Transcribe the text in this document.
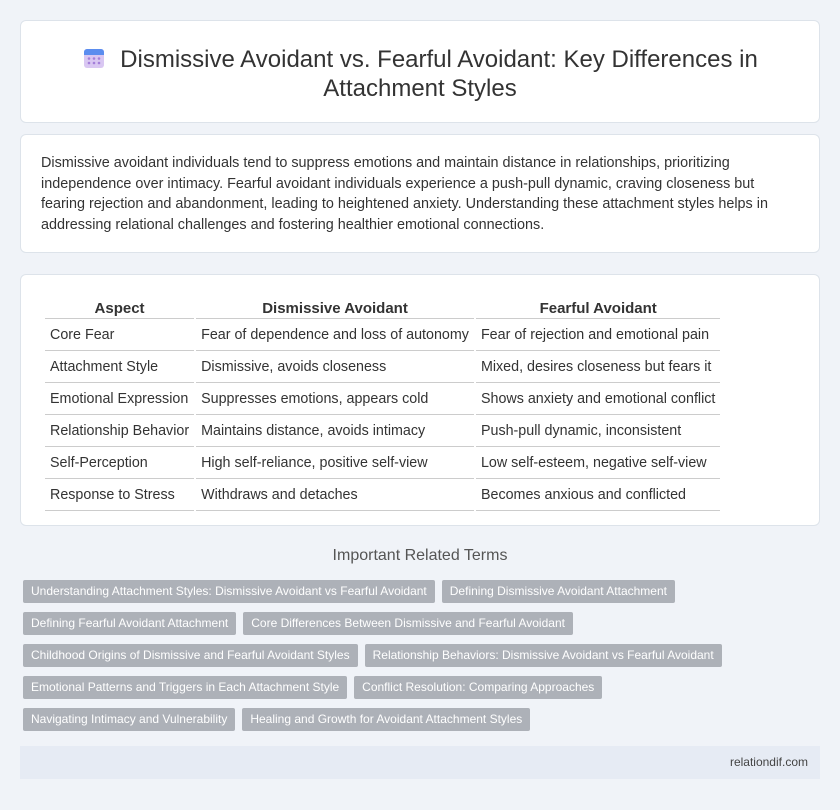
Dismissive Avoidant vs. Fearful Avoidant: Key Differences in Attachment Styles

Dismissive avoidant individuals tend to suppress emotions and maintain distance in relationships, prioritizing independence over intimacy. Fearful avoidant individuals experience a push-pull dynamic, craving closeness but fearing rejection and abandonment, leading to heightened anxiety. Understanding these attachment styles helps in addressing relational challenges and fostering healthier emotional connections.

Aspect	Dismissive Avoidant	Fearful Avoidant
Core Fear	Fear of dependence and loss of autonomy	Fear of rejection and emotional pain
Attachment Style	Dismissive, avoids closeness	Mixed, desires closeness but fears it
Emotional Expression	Suppresses emotions, appears cold	Shows anxiety and emotional conflict
Relationship Behavior	Maintains distance, avoids intimacy	Push-pull dynamic, inconsistent
Self-Perception	High self-reliance, positive self-view	Low self-esteem, negative self-view
Response to Stress	Withdraws and detaches	Becomes anxious and conflicted
Important Related Terms
Understanding Attachment Styles: Dismissive Avoidant vs Fearful Avoidant	Defining Dismissive Avoidant Attachment
Defining Fearful Avoidant Attachment	Core Differences Between Dismissive and Fearful Avoidant
Childhood Origins of Dismissive and Fearful Avoidant Styles	Relationship Behaviors: Dismissive Avoidant vs Fearful Avoidant
Emotional Patterns and Triggers in Each Attachment Style	Conflict Resolution: Comparing Approaches
Navigating Intimacy and Vulnerability	Healing and Growth for Avoidant Attachment Styles
relationdif.com
